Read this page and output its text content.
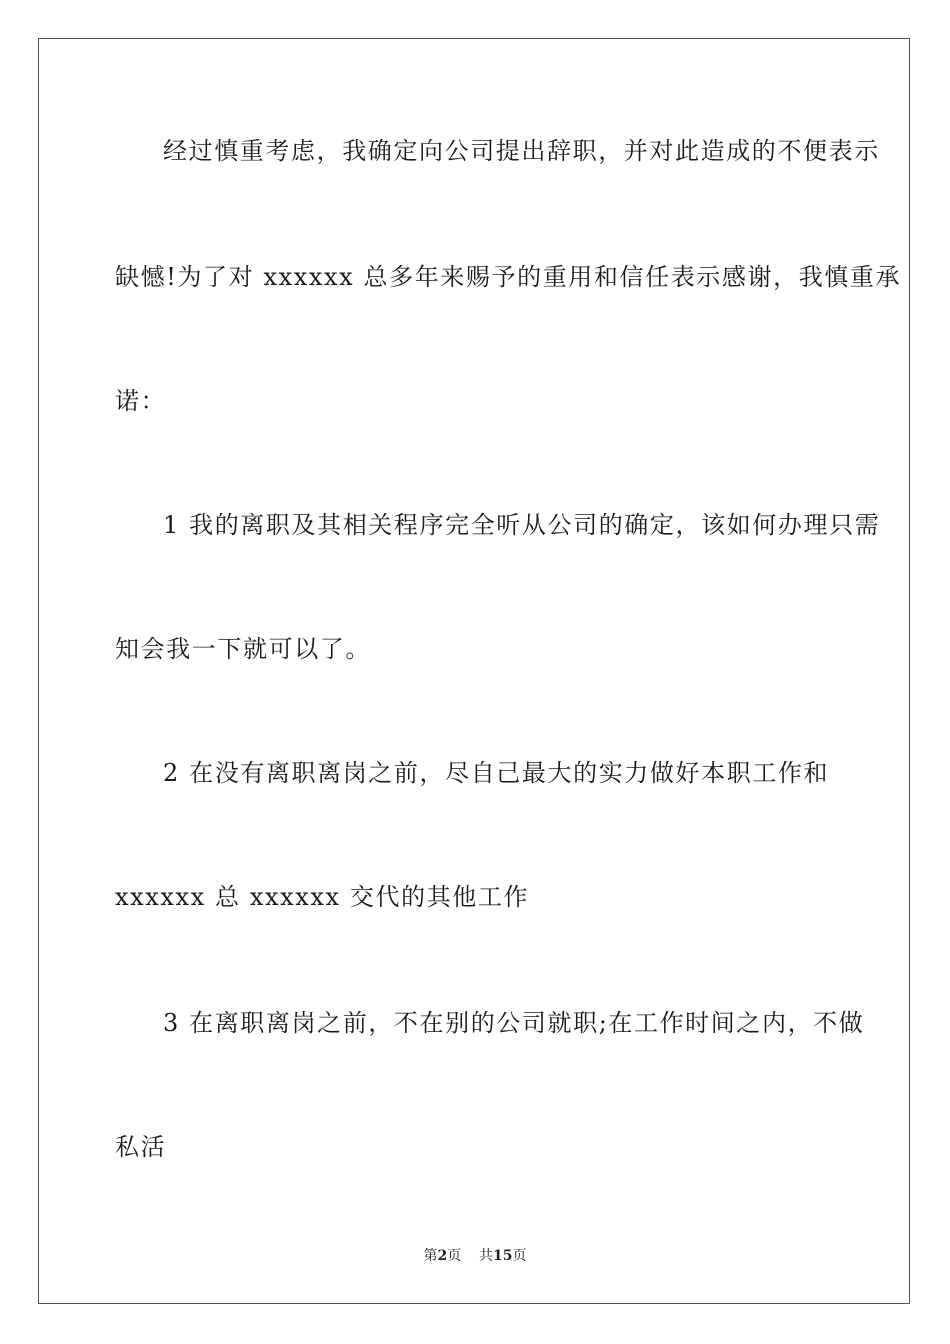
经过慎重考虑，我确定向公司提出辞职，并对此造成的不便表示
缺憾!为了对 xxxxxx 总多年来赐予的重用和信任表示感谢，我慎重承
诺：
1 我的离职及其相关程序完全听从公司的确定，该如何办理只需
知会我一下就可以了。
2 在没有离职离岗之前，尽自己最大的实力做好本职工作和
xxxxxx 总 xxxxxx 交代的其他工作
3 在离职离岗之前，不在别的公司就职;在工作时间之内，不做
私活
第2页 共15页
